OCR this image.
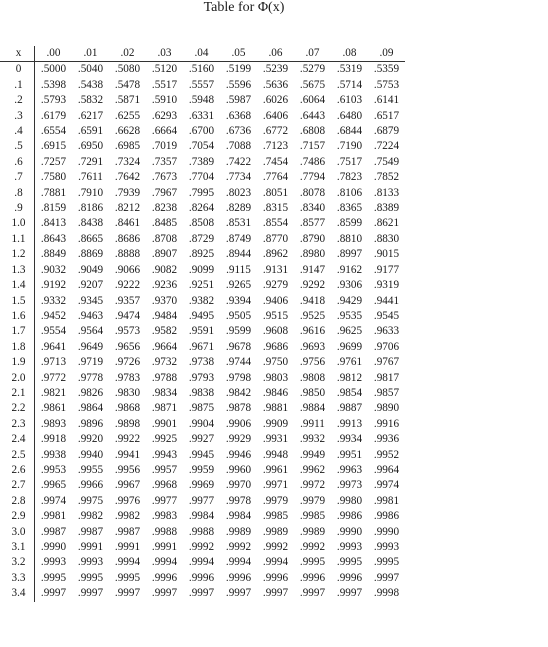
Table for Φ(x)
x	.00	.01	.02	.03	.04	.05	.06	.07	.08	.09
0	.5000	.5040	.5080	.5120	.5160	.5199	.5239	.5279	.5319	.5359
.1	.5398	.5438	.5478	.5517	.5557	.5596	.5636	.5675	.5714	.5753
.2	.5793	.5832	.5871	.5910	.5948	.5987	.6026	.6064	.6103	.6141
.3	.6179	.6217	.6255	.6293	.6331	.6368	.6406	.6443	.6480	.6517
.4	.6554	.6591	.6628	.6664	.6700	.6736	.6772	.6808	.6844	.6879
.5	.6915	.6950	.6985	.7019	.7054	.7088	.7123	.7157	.7190	.7224
.6	.7257	.7291	.7324	.7357	.7389	.7422	.7454	.7486	.7517	.7549
.7	.7580	.7611	.7642	.7673	.7704	.7734	.7764	.7794	.7823	.7852
.8	.7881	.7910	.7939	.7967	.7995	.8023	.8051	.8078	.8106	.8133
.9	.8159	.8186	.8212	.8238	.8264	.8289	.8315	.8340	.8365	.8389
1.0	.8413	.8438	.8461	.8485	.8508	.8531	.8554	.8577	.8599	.8621
1.1	.8643	.8665	.8686	.8708	.8729	.8749	.8770	.8790	.8810	.8830
1.2	.8849	.8869	.8888	.8907	.8925	.8944	.8962	.8980	.8997	.9015
1.3	.9032	.9049	.9066	.9082	.9099	.9115	.9131	.9147	.9162	.9177
1.4	.9192	.9207	.9222	.9236	.9251	.9265	.9279	.9292	.9306	.9319
1.5	.9332	.9345	.9357	.9370	.9382	.9394	.9406	.9418	.9429	.9441
1.6	.9452	.9463	.9474	.9484	.9495	.9505	.9515	.9525	.9535	.9545
1.7	.9554	.9564	.9573	.9582	.9591	.9599	.9608	.9616	.9625	.9633
1.8	.9641	.9649	.9656	.9664	.9671	.9678	.9686	.9693	.9699	.9706
1.9	.9713	.9719	.9726	.9732	.9738	.9744	.9750	.9756	.9761	.9767
2.0	.9772	.9778	.9783	.9788	.9793	.9798	.9803	.9808	.9812	.9817
2.1	.9821	.9826	.9830	.9834	.9838	.9842	.9846	.9850	.9854	.9857
2.2	.9861	.9864	.9868	.9871	.9875	.9878	.9881	.9884	.9887	.9890
2.3	.9893	.9896	.9898	.9901	.9904	.9906	.9909	.9911	.9913	.9916
2.4	.9918	.9920	.9922	.9925	.9927	.9929	.9931	.9932	.9934	.9936
2.5	.9938	.9940	.9941	.9943	.9945	.9946	.9948	.9949	.9951	.9952
2.6	.9953	.9955	.9956	.9957	.9959	.9960	.9961	.9962	.9963	.9964
2.7	.9965	.9966	.9967	.9968	.9969	.9970	.9971	.9972	.9973	.9974
2.8	.9974	.9975	.9976	.9977	.9977	.9978	.9979	.9979	.9980	.9981
2.9	.9981	.9982	.9982	.9983	.9984	.9984	.9985	.9985	.9986	.9986
3.0	.9987	.9987	.9987	.9988	.9988	.9989	.9989	.9989	.9990	.9990
3.1	.9990	.9991	.9991	.9991	.9992	.9992	.9992	.9992	.9993	.9993
3.2	.9993	.9993	.9994	.9994	.9994	.9994	.9994	.9995	.9995	.9995
3.3	.9995	.9995	.9995	.9996	.9996	.9996	.9996	.9996	.9996	.9997
3.4	.9997	.9997	.9997	.9997	.9997	.9997	.9997	.9997	.9997	.9998
